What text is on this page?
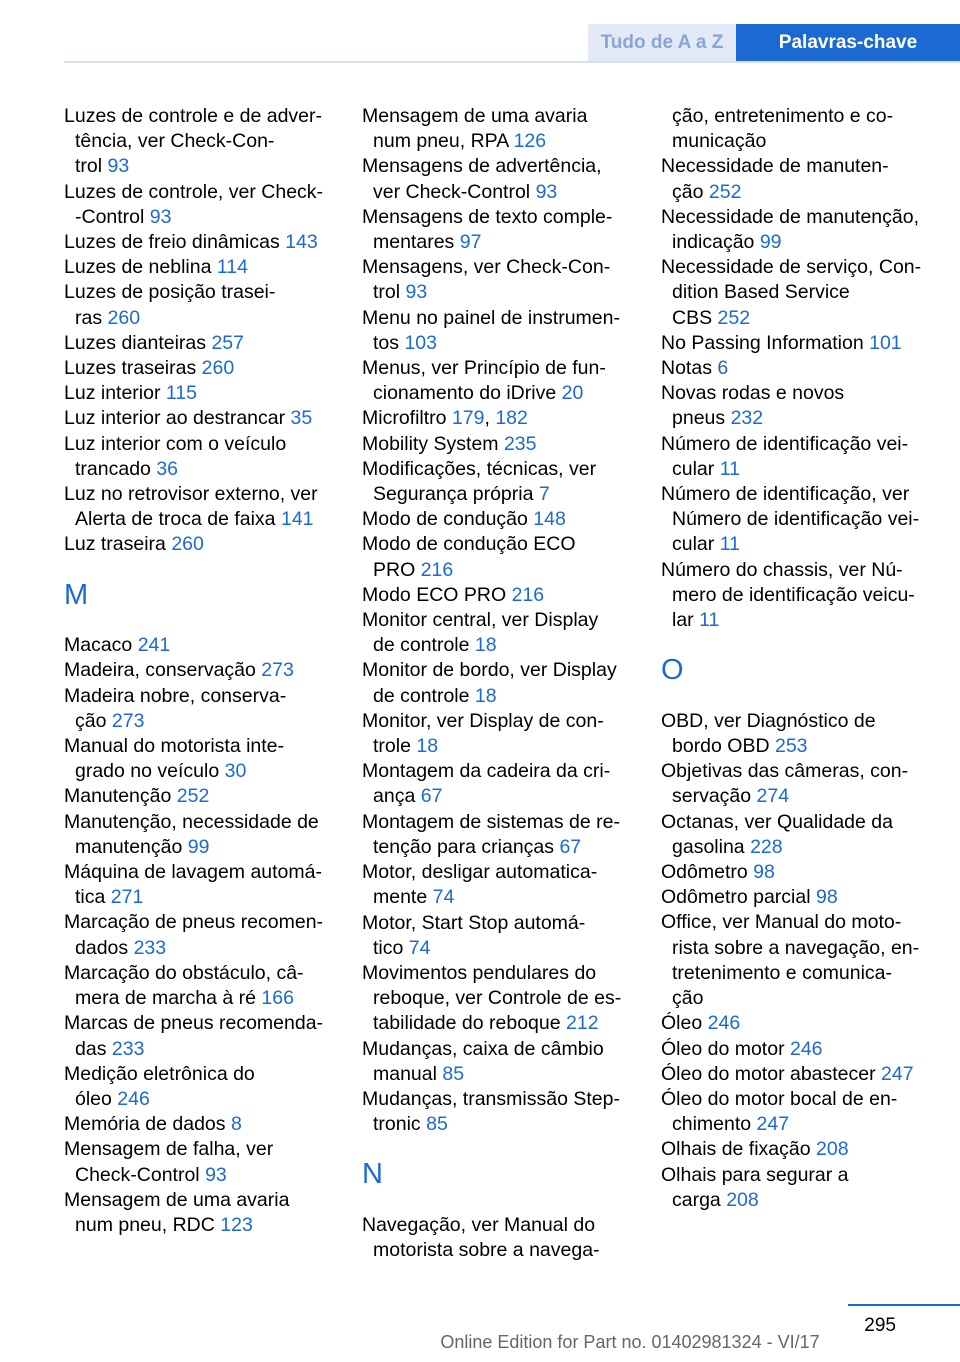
Tudo de A a Z	Palavras-chave
Luzes de controle e de adver‐
tência, ver Check-Con‐
trol 93
Luzes de controle, ver Check-
‐Control 93
Luzes de freio dinâmicas 143
Luzes de neblina 114
Luzes de posição trasei‐
ras 260
Luzes dianteiras 257
Luzes traseiras 260
Luz interior 115
Luz interior ao destrancar 35
Luz interior com o veículo
trancado 36
Luz no retrovisor externo, ver
Alerta de troca de faixa 141
Luz traseira 260
M
Macaco 241
Madeira, conservação 273
Madeira nobre, conserva‐
ção 273
Manual do motorista inte‐
grado no veículo 30
Manutenção 252
Manutenção, necessidade de
manutenção 99
Máquina de lavagem automá‐
tica 271
Marcação de pneus recomen‐
dados 233
Marcação do obstáculo, câ‐
mera de marcha à ré 166
Marcas de pneus recomenda‐
das 233
Medição eletrônica do
óleo 246
Memória de dados 8
Mensagem de falha, ver
Check-Control 93
Mensagem de uma avaria
num pneu, RDC 123
Mensagem de uma avaria
num pneu, RPA 126
Mensagens de advertência,
ver Check-Control 93
Mensagens de texto comple‐
mentares 97
Mensagens, ver Check-Con‐
trol 93
Menu no painel de instrumen‐
tos 103
Menus, ver Princípio de fun‐
cionamento do iDrive 20
Microfiltro 179, 182
Mobility System 235
Modificações, técnicas, ver
Segurança própria 7
Modo de condução 148
Modo de condução ECO
PRO 216
Modo ECO PRO 216
Monitor central, ver Display
de controle 18
Monitor de bordo, ver Display
de controle 18
Monitor, ver Display de con‐
trole 18
Montagem da cadeira da cri‐
ança 67
Montagem de sistemas de re‐
tenção para crianças 67
Motor, desligar automatica‐
mente 74
Motor, Start Stop automá‐
tico 74
Movimentos pendulares do
reboque, ver Controle de es‐
tabilidade do reboque 212
Mudanças, caixa de câmbio
manual 85
Mudanças, transmissão Step‐
tronic 85
N
Navegação, ver Manual do
motorista sobre a navega‐
ção, entretenimento e co‐
municação
Necessidade de manuten‐
ção 252
Necessidade de manutenção,
indicação 99
Necessidade de serviço, Con‐
dition Based Service
CBS 252
No Passing Information 101
Notas 6
Novas rodas e novos
pneus 232
Número de identificação vei‐
cular 11
Número de identificação, ver
Número de identificação vei‐
cular 11
Número do chassis, ver Nú‐
mero de identificação veicu‐
lar 11
O
OBD, ver Diagnóstico de
bordo OBD 253
Objetivas das câmeras, con‐
servação 274
Octanas, ver Qualidade da
gasolina 228
Odômetro 98
Odômetro parcial 98
Office, ver Manual do moto‐
rista sobre a navegação, en‐
tretenimento e comunica‐
ção
Óleo 246
Óleo do motor 246
Óleo do motor abastecer 247
Óleo do motor bocal de en‐
chimento 247
Olhais de fixação 208
Olhais para segurar a
carga 208
295
Online Edition for Part no. 01402981324 - VI/17
